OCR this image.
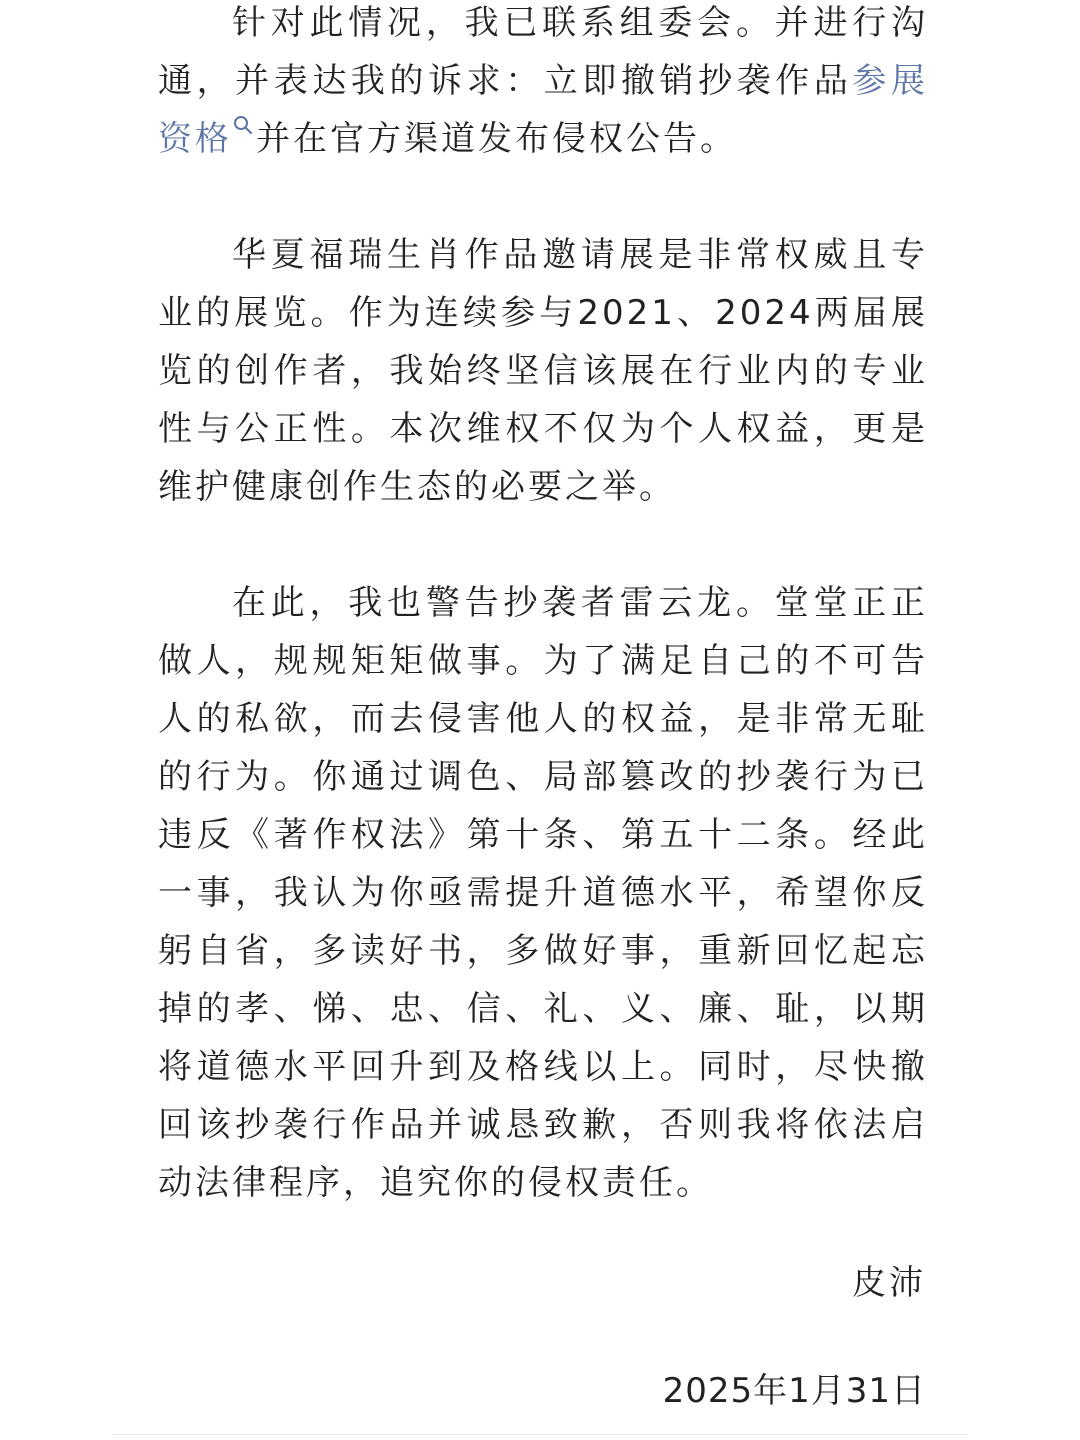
针对此情况，我已联系组委会。并进行沟通，并表达我的诉求：立即撤销抄袭作品参展资格 并在官方渠道发布侵权公告。

华夏福瑞生肖作品邀请展是非常权威且专业的展览。作为连续参与2021、2024两届展览的创作者，我始终坚信该展在行业内的专业性与公正性。本次维权不仅为个人权益，更是维护健康创作生态的必要之举。

在此，我也警告抄袭者雷云龙。堂堂正正做人，规规矩矩做事。为了满足自己的不可告人的私欲，而去侵害他人的权益，是非常无耻的行为。你通过调色、局部篡改的抄袭行为已违反《著作权法》第十条、第五十二条。经此一事，我认为你亟需提升道德水平，希望你反躬自省，多读好书，多做好事，重新回忆起忘掉的孝、悌、忠、信、礼、义、廉、耻，以期将道德水平回升到及格线以上。同时，尽快撤回该抄袭行作品并诚恳致歉，否则我将依法启动法律程序，追究你的侵权责任。

皮沛

2025年1月31日
